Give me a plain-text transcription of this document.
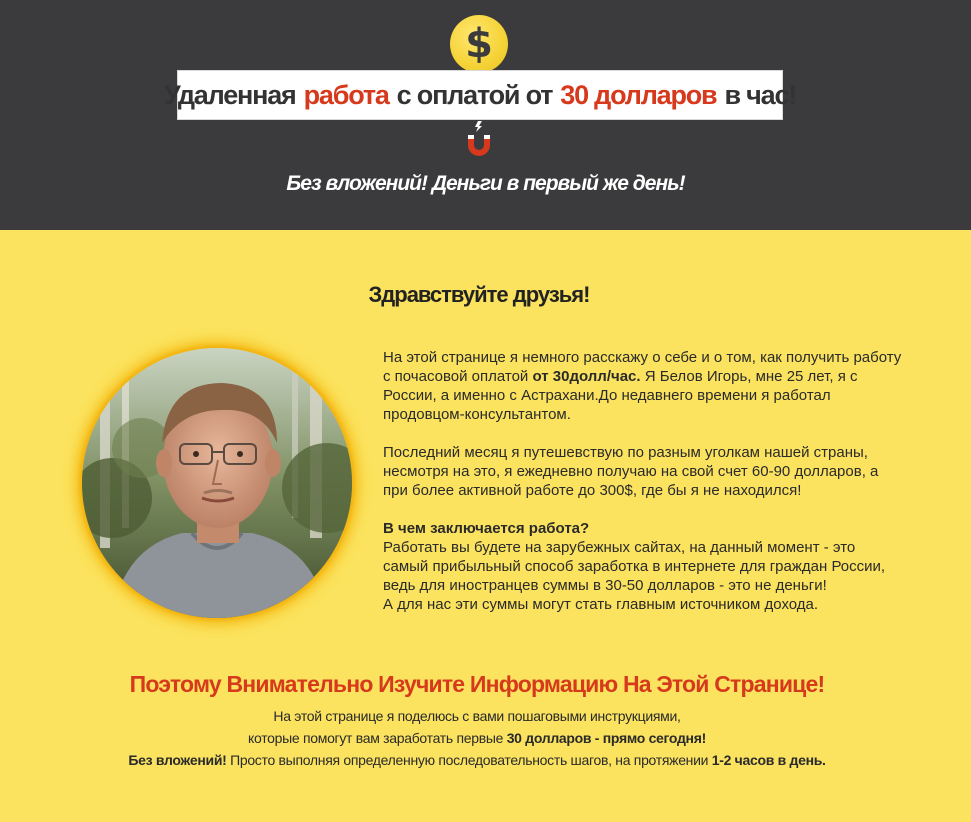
$
Удаленная работа с оплатой от 30 долларов в час!
Без вложений! Деньги в первый же день!
Здравствуйте друзья!

На этой странице я немного расскажу о себе и о том, как получить работу с почасовой оплатой от 30долл/час. Я Белов Игорь, мне 25 лет, я с России, а именно с Астрахани.До недавнего времени я работал продовцом-консультантом.

Последний месяц я путешевствую по разным уголкам нашей страны, несмотря на это, я ежедневно получаю на свой счет 60-90 долларов, а при более активной работе до 300$, где бы я не находился!

В чем заключается работа?
Работать вы будете на зарубежных сайтах, на данный момент - это самый прибыльный способ заработка в интернете для граждан России, ведь для иностранцев суммы в 30-50 долларов - это не деньги!
А для нас эти суммы могут стать главным источником дохода.
Поэтому Внимательно Изучите Информацию На Этой Странице!
На этой странице я поделюсь с вами пошаговыми инструкциями,
которые помогут вам заработать первые 30 долларов - прямо сегодня!
Без вложений! Просто выполняя определенную последовательность шагов, на протяжении 1-2 часов в день.
